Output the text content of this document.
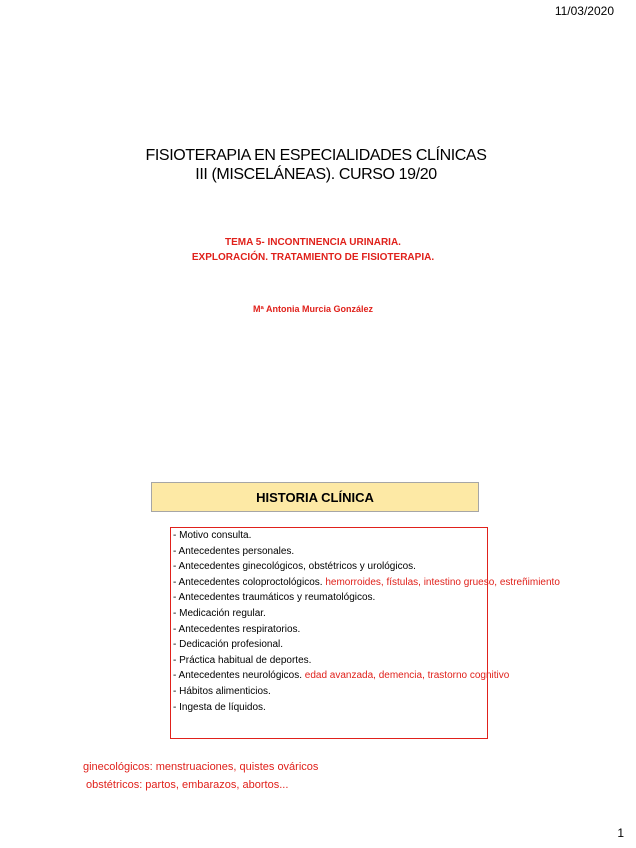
11/03/2020
FISIOTERAPIA EN ESPECIALIDADES CLÍNICAS
III (MISCELÁNEAS). CURSO 19/20
TEMA 5- INCONTINENCIA URINARIA.
EXPLORACIÓN. TRATAMIENTO DE FISIOTERAPIA.
Mª Antonia Murcia González
HISTORIA CLÍNICA
- Motivo consulta.
- Antecedentes personales.
- Antecedentes ginecológicos, obstétricos y urológicos.
- Antecedentes coloproctológicos. hemorroides, fístulas, intestino grueso, estreñimiento
- Antecedentes traumáticos y reumatológicos.
- Medicación regular.
- Antecedentes respiratorios.
- Dedicación profesional.
- Práctica habitual de deportes.
- Antecedentes neurológicos. edad avanzada, demencia, trastorno cognitivo
- Hábitos alimenticios.
- Ingesta de líquidos.
ginecológicos: menstruaciones, quistes ováricos
obstétricos: partos, embarazos, abortos...
1
